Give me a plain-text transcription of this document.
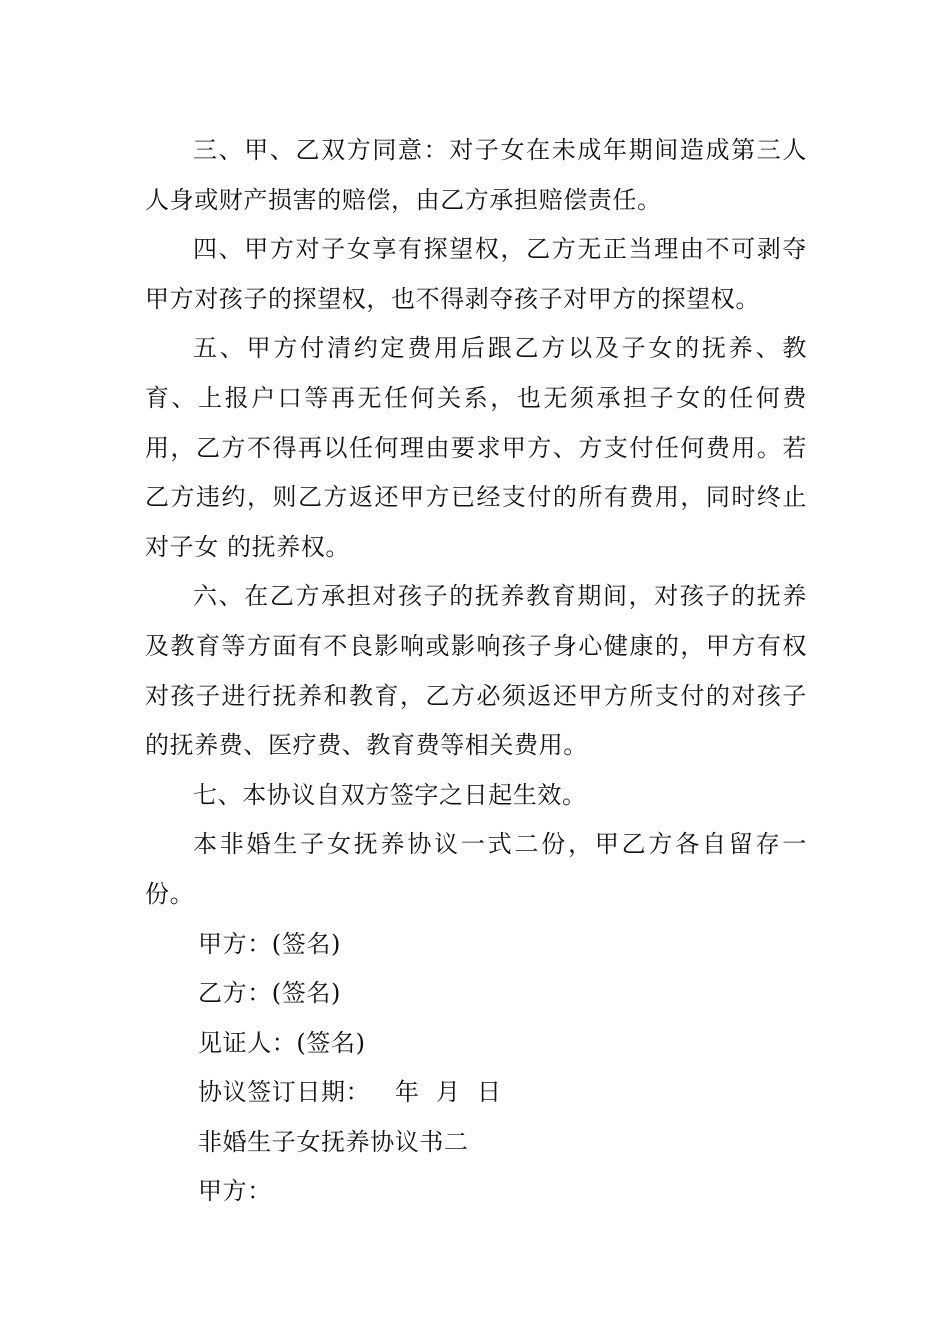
三、甲、乙双方同意：对子女在未成年期间造成第三人人身或财产损害的赔偿，由乙方承担赔偿责任。

四、甲方对子女享有探望权，乙方无正当理由不可剥夺甲方对孩子的探望权，也不得剥夺孩子对甲方的探望权。

五、甲方付清约定费用后跟乙方以及子女的抚养、教育、上报户口等再无任何关系，也无须承担子女的任何费用，乙方不得再以任何理由要求甲方、方支付任何费用。若乙方违约，则乙方返还甲方已经支付的所有费用，同时终止对子女 的抚养权。

六、在乙方承担对孩子的抚养教育期间，对孩子的抚养及教育等方面有不良影响或影响孩子身心健康的，甲方有权对孩子进行抚养和教育，乙方必须返还甲方所支付的对孩子的抚养费、医疗费、教育费等相关费用。

七、本协议自双方签字之日起生效。

本非婚生子女抚养协议一式二份，甲乙方各自留存一份。

甲方：(签名)

乙方：(签名)

见证人：(签名)

协议签订日期：   年  月  日

非婚生子女抚养协议书二

甲方：
